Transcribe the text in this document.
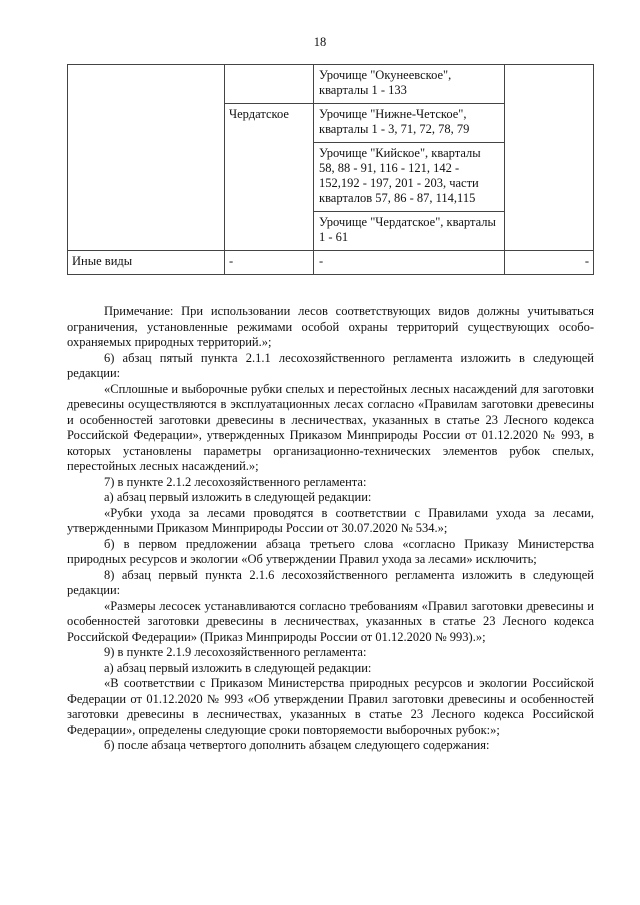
18
		Урочище "Окунеевское", кварталы 1 - 133	
	Чердатское	Урочище "Нижне-Четское", кварталы 1 - 3, 71, 72, 78, 79	
		Урочище "Кийское", кварталы 58, 88 - 91, 116 - 121, 142 - 152,192 - 197, 201 - 203, части кварталов 57, 86 - 87, 114,115	
		Урочище "Чердатское", кварталы 1 - 61	
Иные виды	-	-	-

Примечание: При использовании лесов соответствующих видов должны учитываться ограничения, установленные режимами особой охраны территорий существующих особо-охраняемых природных территорий.»;

6) абзац пятый пункта 2.1.1 лесохозяйственного регламента изложить в следующей редакции:

«Сплошные и выборочные рубки спелых и перестойных лесных насаждений для заготовки древесины осуществляются в эксплуатационных лесах согласно «Правилам заготовки древесины и особенностей заготовки древесины в лесничествах, указанных в статье 23 Лесного кодекса Российской Федерации», утвержденных Приказом Минприроды России от 01.12.2020 № 993, в которых установлены параметры организационно-технических элементов рубок спелых, перестойных лесных насаждений.»;

7) в пункте 2.1.2 лесохозяйственного регламента:

а) абзац первый изложить в следующей редакции:

«Рубки ухода за лесами проводятся в соответствии с Правилами ухода за лесами, утвержденными Приказом Минприроды России от 30.07.2020 № 534.»;

б) в первом предложении абзаца третьего слова «согласно Приказу Министерства природных ресурсов и экологии «Об утверждении Правил ухода за лесами» исключить;

8) абзац первый пункта 2.1.6 лесохозяйственного регламента изложить в следующей редакции:

«Размеры лесосек устанавливаются согласно требованиям «Правил заготовки древесины и особенностей заготовки древесины в лесничествах, указанных в статье 23 Лесного кодекса Российской Федерации» (Приказ Минприроды России от 01.12.2020 № 993).»;

9) в пункте 2.1.9 лесохозяйственного регламента:

а) абзац первый изложить в следующей редакции:

«В соответствии с Приказом Министерства природных ресурсов и экологии Российской Федерации от 01.12.2020 № 993 «Об утверждении Правил заготовки древесины и особенностей заготовки древесины в лесничествах, указанных в статье 23 Лесного кодекса Российской Федерации», определены следующие сроки повторяемости выборочных рубок:»;

б) после абзаца четвертого дополнить абзацем следующего содержания:
